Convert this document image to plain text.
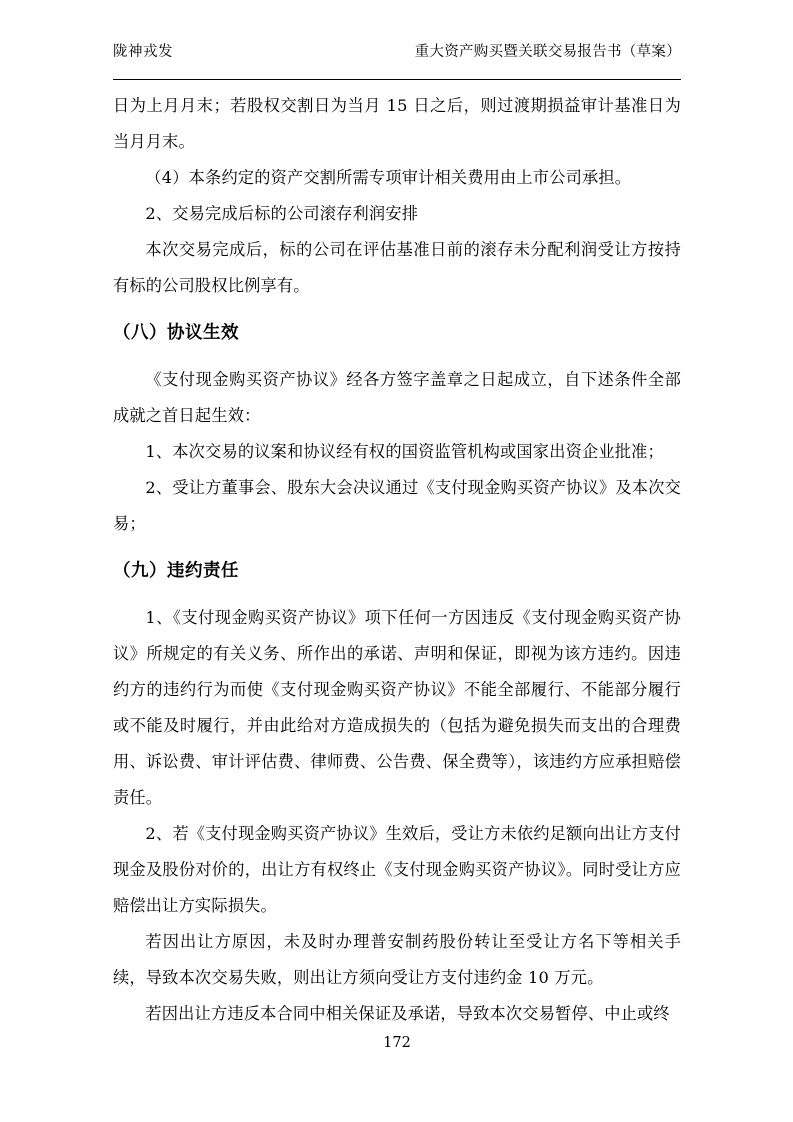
陇神戎发	重大资产购买暨关联交易报告书（草案）

日为上月月末；若股权交割日为当月 15 日之后，则过渡期损益审计基准日为当月月末。

（4）本条约定的资产交割所需专项审计相关费用由上市公司承担。

2、交易完成后标的公司滚存利润安排

本次交易完成后，标的公司在评估基准日前的滚存未分配利润受让方按持有标的公司股权比例享有。

（八）协议生效

《支付现金购买资产协议》经各方签字盖章之日起成立，自下述条件全部成就之首日起生效：

1、本次交易的议案和协议经有权的国资监管机构或国家出资企业批准；

2、受让方董事会、股东大会决议通过《支付现金购买资产协议》及本次交易；

（九）违约责任

1、《支付现金购买资产协议》项下任何一方因违反《支付现金购买资产协议》所规定的有关义务、所作出的承诺、声明和保证，即视为该方违约。因违约方的违约行为而使《支付现金购买资产协议》不能全部履行、不能部分履行或不能及时履行，并由此给对方造成损失的（包括为避免损失而支出的合理费用、诉讼费、审计评估费、律师费、公告费、保全费等），该违约方应承担赔偿责任。

2、若《支付现金购买资产协议》生效后，受让方未依约足额向出让方支付现金及股份对价的，出让方有权终止《支付现金购买资产协议》。同时受让方应赔偿出让方实际损失。

若因出让方原因，未及时办理普安制药股份转让至受让方名下等相关手续，导致本次交易失败，则出让方须向受让方支付违约金 10 万元。

若因出让方违反本合同中相关保证及承诺，导致本次交易暂停、中止或终

172
